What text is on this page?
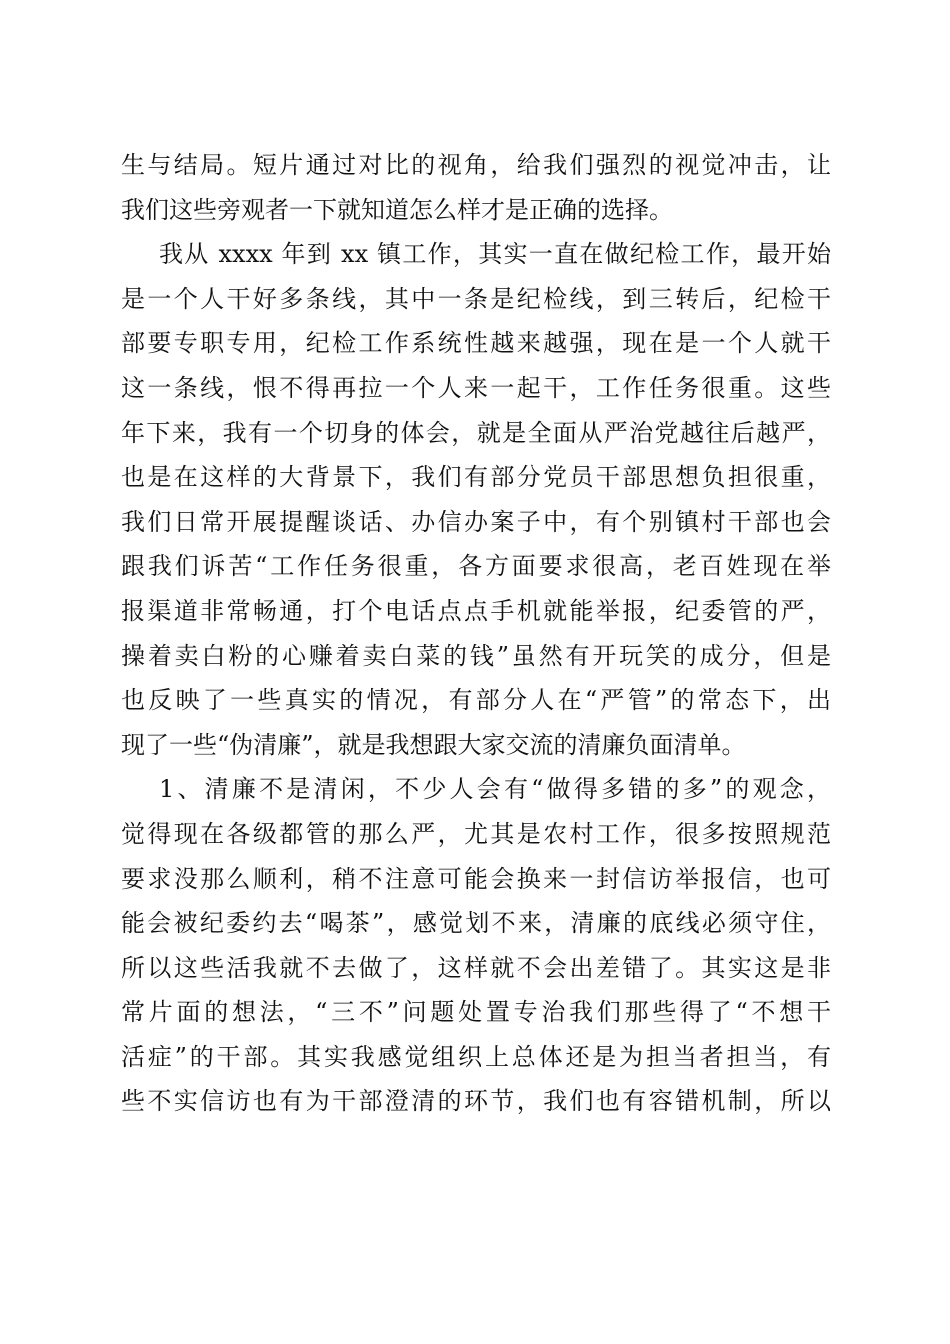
生与结局。短片通过对比的视角，给我们强烈的视觉冲击，让
我们这些旁观者一下就知道怎么样才是正确的选择。
我从 xxxx 年到 xx 镇工作，其实一直在做纪检工作，最开始
是一个人干好多条线，其中一条是纪检线，到三转后，纪检干
部要专职专用，纪检工作系统性越来越强，现在是一个人就干
这一条线，恨不得再拉一个人来一起干，工作任务很重。这些
年下来，我有一个切身的体会，就是全面从严治党越往后越严，
也是在这样的大背景下，我们有部分党员干部思想负担很重，
我们日常开展提醒谈话、办信办案子中，有个别镇村干部也会
跟我们诉苦“工作任务很重，各方面要求很高，老百姓现在举
报渠道非常畅通，打个电话点点手机就能举报，纪委管的严，
操着卖白粉的心赚着卖白菜的钱”虽然有开玩笑的成分，但是
也反映了一些真实的情况，有部分人在“严管”的常态下，出
现了一些“伪清廉”，就是我想跟大家交流的清廉负面清单。
1、清廉不是清闲，不少人会有“做得多错的多”的观念，
觉得现在各级都管的那么严，尤其是农村工作，很多按照规范
要求没那么顺利，稍不注意可能会换来一封信访举报信，也可
能会被纪委约去“喝茶”，感觉划不来，清廉的底线必须守住，
所以这些活我就不去做了，这样就不会出差错了。其实这是非
常片面的想法，“三不”问题处置专治我们那些得了“不想干
活症”的干部。其实我感觉组织上总体还是为担当者担当，有
些不实信访也有为干部澄清的环节，我们也有容错机制，所以
